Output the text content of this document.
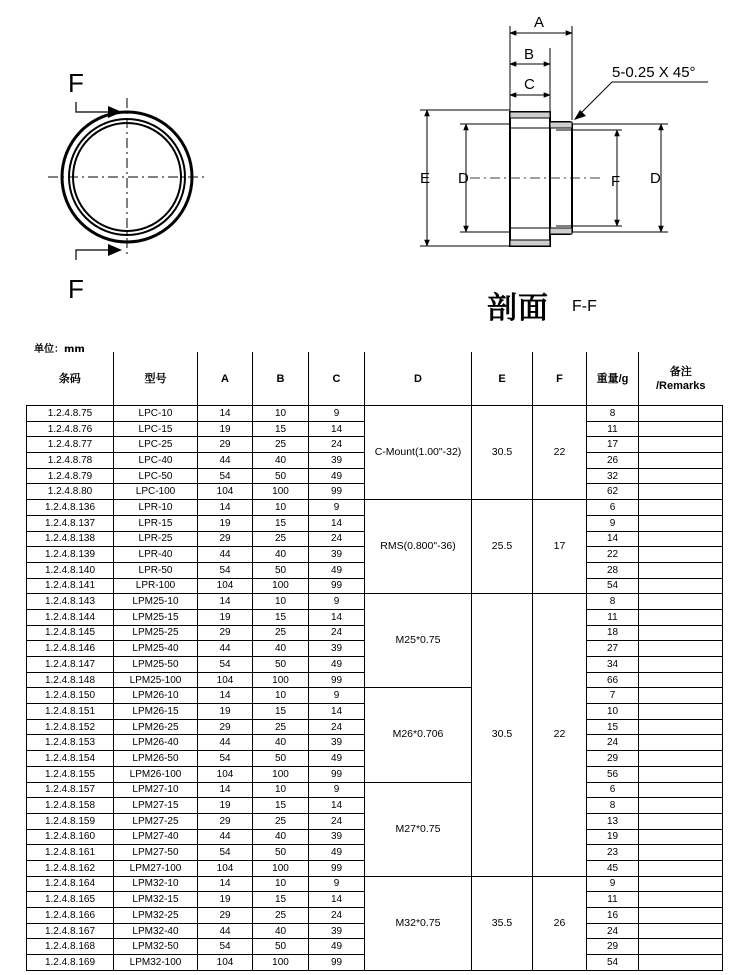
F
F
A
B
C
5-0.25 X 45°
E D	F D
剖面 F-F
单位：mm
条码	型号	A	B	C	D	E	F	重量/g	备注
/Remarks
1.2.4.8.75	LPC-10	14	10	9	C-Mount(1.00"-32)	30.5	22	8	
1.2.4.8.76	LPC-15	19	15	14				11	
1.2.4.8.77	LPC-25	29	25	24				17	
1.2.4.8.78	LPC-40	44	40	39				26	
1.2.4.8.79	LPC-50	54	50	49				32	
1.2.4.8.80	LPC-100	104	100	99				62	
1.2.4.8.136	LPR-10	14	10	9	RMS(0.800"-36)	25.5	17	6	
1.2.4.8.137	LPR-15	19	15	14				9	
1.2.4.8.138	LPR-25	29	25	24				14	
1.2.4.8.139	LPR-40	44	40	39				22	
1.2.4.8.140	LPR-50	54	50	49				28	
1.2.4.8.141	LPR-100	104	100	99				54	
1.2.4.8.143	LPM25-10	14	10	9	M25*0.75	30.5	22	8	
1.2.4.8.144	LPM25-15	19	15	14				11	
1.2.4.8.145	LPM25-25	29	25	24				18	
1.2.4.8.146	LPM25-40	44	40	39				27	
1.2.4.8.147	LPM25-50	54	50	49				34	
1.2.4.8.148	LPM25-100	104	100	99				66	
1.2.4.8.150	LPM26-10	14	10	9	M26*0.706			7	
1.2.4.8.151	LPM26-15	19	15	14				10	
1.2.4.8.152	LPM26-25	29	25	24				15	
1.2.4.8.153	LPM26-40	44	40	39				24	
1.2.4.8.154	LPM26-50	54	50	49				29	
1.2.4.8.155	LPM26-100	104	100	99				56	
1.2.4.8.157	LPM27-10	14	10	9	M27*0.75			6	
1.2.4.8.158	LPM27-15	19	15	14				8	
1.2.4.8.159	LPM27-25	29	25	24				13	
1.2.4.8.160	LPM27-40	44	40	39				19	
1.2.4.8.161	LPM27-50	54	50	49				23	
1.2.4.8.162	LPM27-100	104	100	99				45	
1.2.4.8.164	LPM32-10	14	10	9	M32*0.75	35.5	26	9	
1.2.4.8.165	LPM32-15	19	15	14				11	
1.2.4.8.166	LPM32-25	29	25	24				16	
1.2.4.8.167	LPM32-40	44	40	39				24	
1.2.4.8.168	LPM32-50	54	50	49				29	
1.2.4.8.169	LPM32-100	104	100	99				54	
